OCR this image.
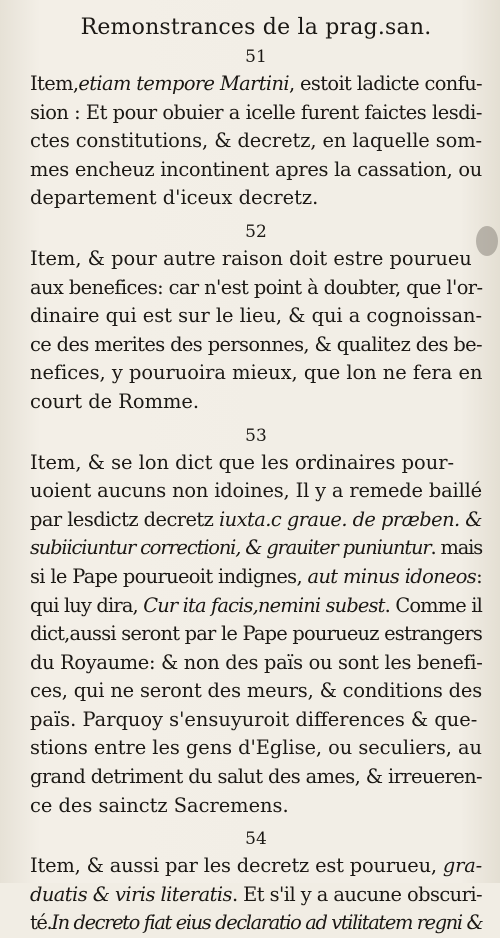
Remonstrances de la prag.san.
51
Item,etiam tempore Martini, estoit ladicte confu-
sion : Et pour obuier a icelle furent faictes lesdi-
ctes constitutions, & decretz, en laquelle som-
mes encheuz incontinent apres la cassation, ou
departement d'iceux decretz.
52
Item, & pour autre raison doit estre pourueu
aux benefices: car n'est point à doubter, que l'or-
dinaire qui est sur le lieu, & qui a cognoissan-
ce des merites des personnes, & qualitez des be-
nefices, y pouruoira mieux, que lon ne fera en
court de Romme.
53
Item, & se lon dict que les ordinaires pour-
uoient aucuns non idoines, Il y a remede baillé
par lesdictz decretz iuxta.c graue. de præben. &
subiiciuntur correctioni, & grauiter puniuntur. mais
si le Pape pourueoit indignes, aut minus idoneos:
qui luy dira, Cur ita facis,nemini subest. Comme il
dict,aussi seront par le Pape pourueuz estrangers
du Royaume: & non des païs ou sont les benefi-
ces, qui ne seront des meurs, & conditions des
païs. Parquoy s'ensuyuroit differences & que-
stions entre les gens d'Eglise, ou seculiers, au
grand detriment du salut des ames, & irreueren-
ce des sainctz Sacremens.
54
Item, & aussi par les decretz est pourueu, gra-
duatis & viris literatis. Et s'il y a aucune obscuri-
té.In decreto fiat eius declaratio ad vtilitatem regni &
